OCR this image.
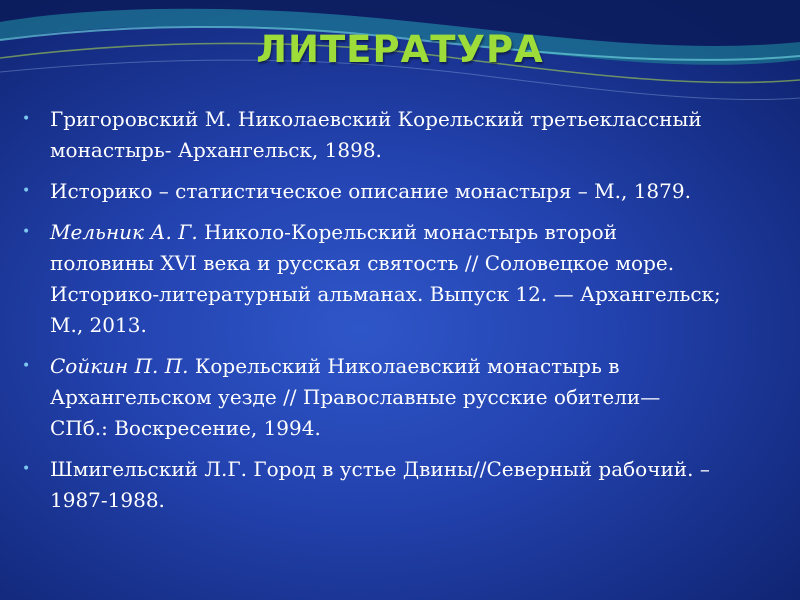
ЛИТЕРАТУРА
• Григоровский М. Николаевский Корельский третьеклассный монастырь- Архангельск, 1898.
• Историко – статистическое описание монастыря – М., 1879.
• Мельник А. Г. Николо-Корельский монастырь второй половины XVI века и русская святость // Соловецкое море. Историко-литературный альманах. Выпуск 12. — Архангельск; М., 2013.
• Сойкин П. П. Корельский Николаевский монастырь в Архангельском уезде // Православные русские обители— СПб.: Воскресение, 1994.
• Шмигельский Л.Г. Город в устье Двины//Северный рабочий. – 1987-1988.
